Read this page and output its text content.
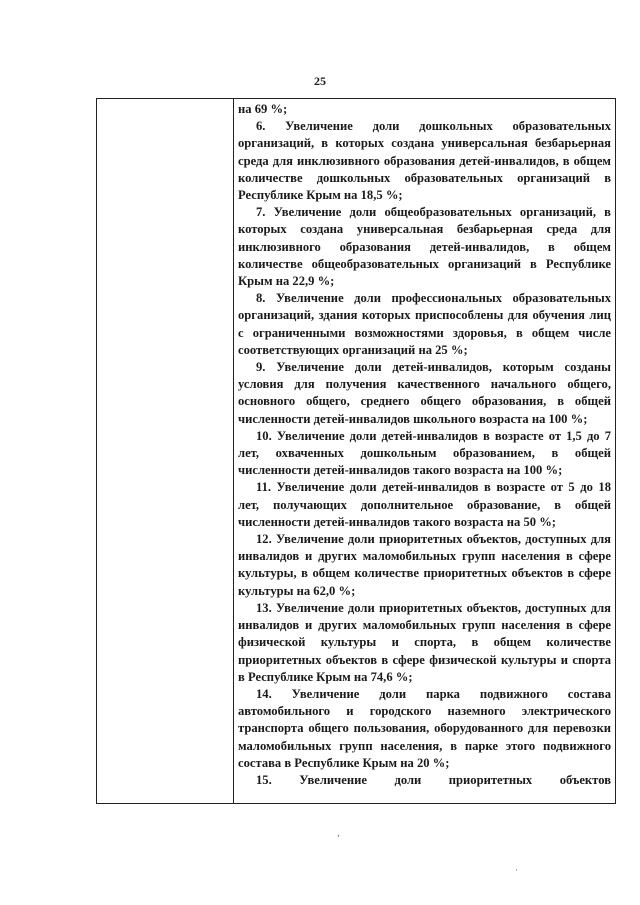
25

на 69 %;

6. Увеличение доли дошкольных образовательных организаций, в которых создана универсальная безбарьерная среда для инклюзивного образования детей-инвалидов, в общем количестве дошкольных образовательных организаций в Республике Крым на 18,5 %;

7. Увеличение доли общеобразовательных организаций, в которых создана универсальная безбарьерная среда для инклюзивного образования детей-инвалидов, в общем количестве общеобразовательных организаций в Республике Крым на 22,9 %;

8. Увеличение доли профессиональных образовательных организаций, здания которых приспособлены для обучения лиц с ограниченными возможностями здоровья, в общем числе соответствующих организаций на 25 %;

9. Увеличение доли детей-инвалидов, которым созданы условия для получения качественного начального общего, основного общего, среднего общего образования, в общей численности детей-инвалидов школьного возраста на 100 %;

10. Увеличение доли детей-инвалидов в возрасте от 1,5 до 7 лет, охваченных дошкольным образованием, в общей численности детей-инвалидов такого возраста на 100 %;

11. Увеличение доли детей-инвалидов в возрасте от 5 до 18 лет, получающих дополнительное образование, в общей численности детей-инвалидов такого возраста на 50 %;

12. Увеличение доли приоритетных объектов, доступных для инвалидов и других маломобильных групп населения в сфере культуры, в общем количестве приоритетных объектов в сфере культуры на 62,0 %;

13. Увеличение доли приоритетных объектов, доступных для инвалидов и других маломобильных групп населения в сфере физической культуры и спорта, в общем количестве приоритетных объектов в сфере физической культуры и спорта в Республике Крым на 74,6 %;

14. Увеличение доли парка подвижного состава автомобильного и городского наземного электрического транспорта общего пользования, оборудованного для перевозки маломобильных групп населения, в парке этого подвижного состава в Республике Крым на 20 %;

15. Увеличение доли приоритетных объектов

,
·
